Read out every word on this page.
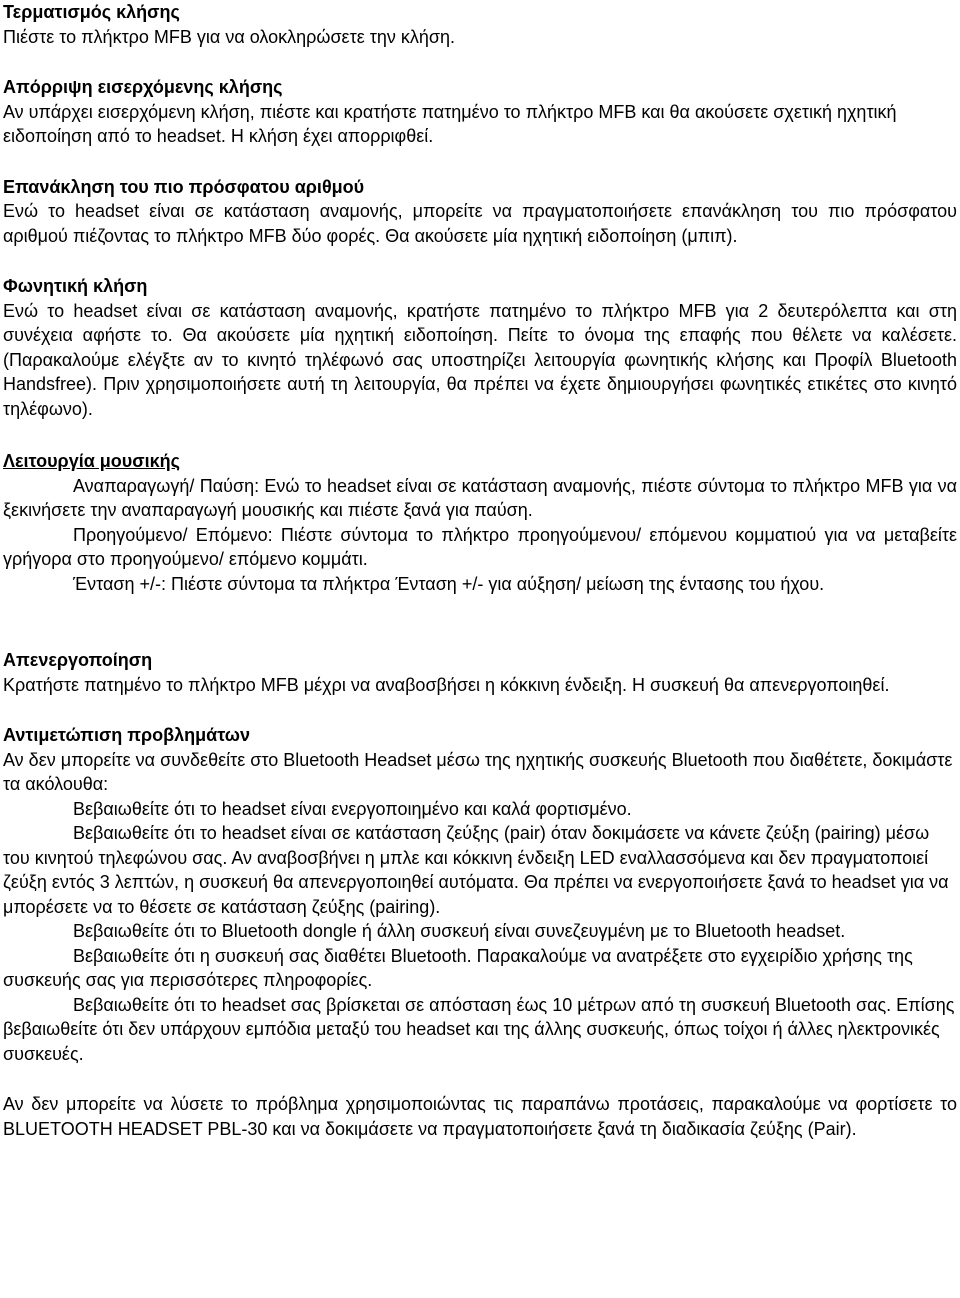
Τερματισμός κλήσης

Πιέστε το πλήκτρο MFB για να ολοκληρώσετε την κλήση.

Απόρριψη εισερχόμενης κλήσης

Αν υπάρχει εισερχόμενη κλήση, πιέστε και κρατήστε πατημένο το πλήκτρο MFB και θα ακούσετε σχετική ηχητική ειδοποίηση από το headset. Η κλήση έχει απορριφθεί.

Επανάκληση του πιο πρόσφατου αριθμού

Ενώ το headset είναι σε κατάσταση αναμονής, μπορείτε να πραγματοποιήσετε επανάκληση του πιο πρόσφατου αριθμού πιέζοντας το πλήκτρο MFB δύο φορές. Θα ακούσετε μία ηχητική ειδοποίηση (μπιπ).

Φωνητική κλήση

Ενώ το headset είναι σε κατάσταση αναμονής, κρατήστε πατημένο το πλήκτρο MFB για 2 δευτερόλεπτα και στη συνέχεια αφήστε το. Θα ακούσετε μία ηχητική ειδοποίηση. Πείτε το όνομα της επαφής που θέλετε να καλέσετε. (Παρακαλούμε ελέγξτε αν το κινητό τηλέφωνό σας υποστηρίζει λειτουργία φωνητικής κλήσης και Προφίλ Bluetooth Handsfree). Πριν χρησιμοποιήσετε αυτή τη λειτουργία, θα πρέπει να έχετε δημιουργήσει φωνητικές ετικέτες στο κινητό τηλέφωνο).

Λειτουργία μουσικής

Αναπαραγωγή/ Παύση: Ενώ το headset είναι σε κατάσταση αναμονής, πιέστε σύντομα το πλήκτρο MFB για να ξεκινήσετε την αναπαραγωγή μουσικής και πιέστε ξανά για παύση.

Προηγούμενο/ Επόμενο: Πιέστε σύντομα το πλήκτρο προηγούμενου/ επόμενου κομματιού για να μεταβείτε γρήγορα στο προηγούμενο/ επόμενο κομμάτι.

Ένταση +/-: Πιέστε σύντομα τα πλήκτρα Ένταση +/- για αύξηση/ μείωση της έντασης του ήχου.

Απενεργοποίηση

Κρατήστε πατημένο το πλήκτρο MFB μέχρι να αναβοσβήσει η κόκκινη ένδειξη. Η συσκευή θα απενεργοποιηθεί.

Αντιμετώπιση προβλημάτων

Αν δεν μπορείτε να συνδεθείτε στο Bluetooth Headset μέσω της ηχητικής συσκευής Bluetooth που διαθέτετε, δοκιμάστε τα ακόλουθα:

Βεβαιωθείτε ότι το headset είναι ενεργοποιημένο και καλά φορτισμένο.

Βεβαιωθείτε ότι το headset είναι σε κατάσταση ζεύξης (pair) όταν δοκιμάσετε να κάνετε ζεύξη (pairing) μέσω του κινητού τηλεφώνου σας. Αν αναβοσβήνει η μπλε και κόκκινη ένδειξη LED εναλλασσόμενα και δεν πραγματοποιεί ζεύξη εντός 3 λεπτών, η συσκευή θα απενεργοποιηθεί αυτόματα. Θα πρέπει να ενεργοποιήσετε ξανά το headset για να μπορέσετε να το θέσετε σε κατάσταση ζεύξης (pairing).

Βεβαιωθείτε ότι το Bluetooth dongle ή άλλη συσκευή είναι συνεζευγμένη με το Bluetooth headset.

Βεβαιωθείτε ότι η συσκευή σας διαθέτει Bluetooth. Παρακαλούμε να ανατρέξετε στο εγχειρίδιο χρήσης της συσκευής σας για περισσότερες πληροφορίες.

Βεβαιωθείτε ότι το headset σας βρίσκεται σε απόσταση έως 10 μέτρων από τη συσκευή Bluetooth σας. Επίσης βεβαιωθείτε ότι δεν υπάρχουν εμπόδια μεταξύ του headset και της άλλης συσκευής, όπως τοίχοι ή άλλες ηλεκτρονικές συσκευές.

Αν δεν μπορείτε να λύσετε το πρόβλημα χρησιμοποιώντας τις παραπάνω προτάσεις, παρακαλούμε να φορτίσετε το BLUETOOTH HEADSET PBL-30 και να δοκιμάσετε να πραγματοποιήσετε ξανά τη διαδικασία ζεύξης (Pair).
